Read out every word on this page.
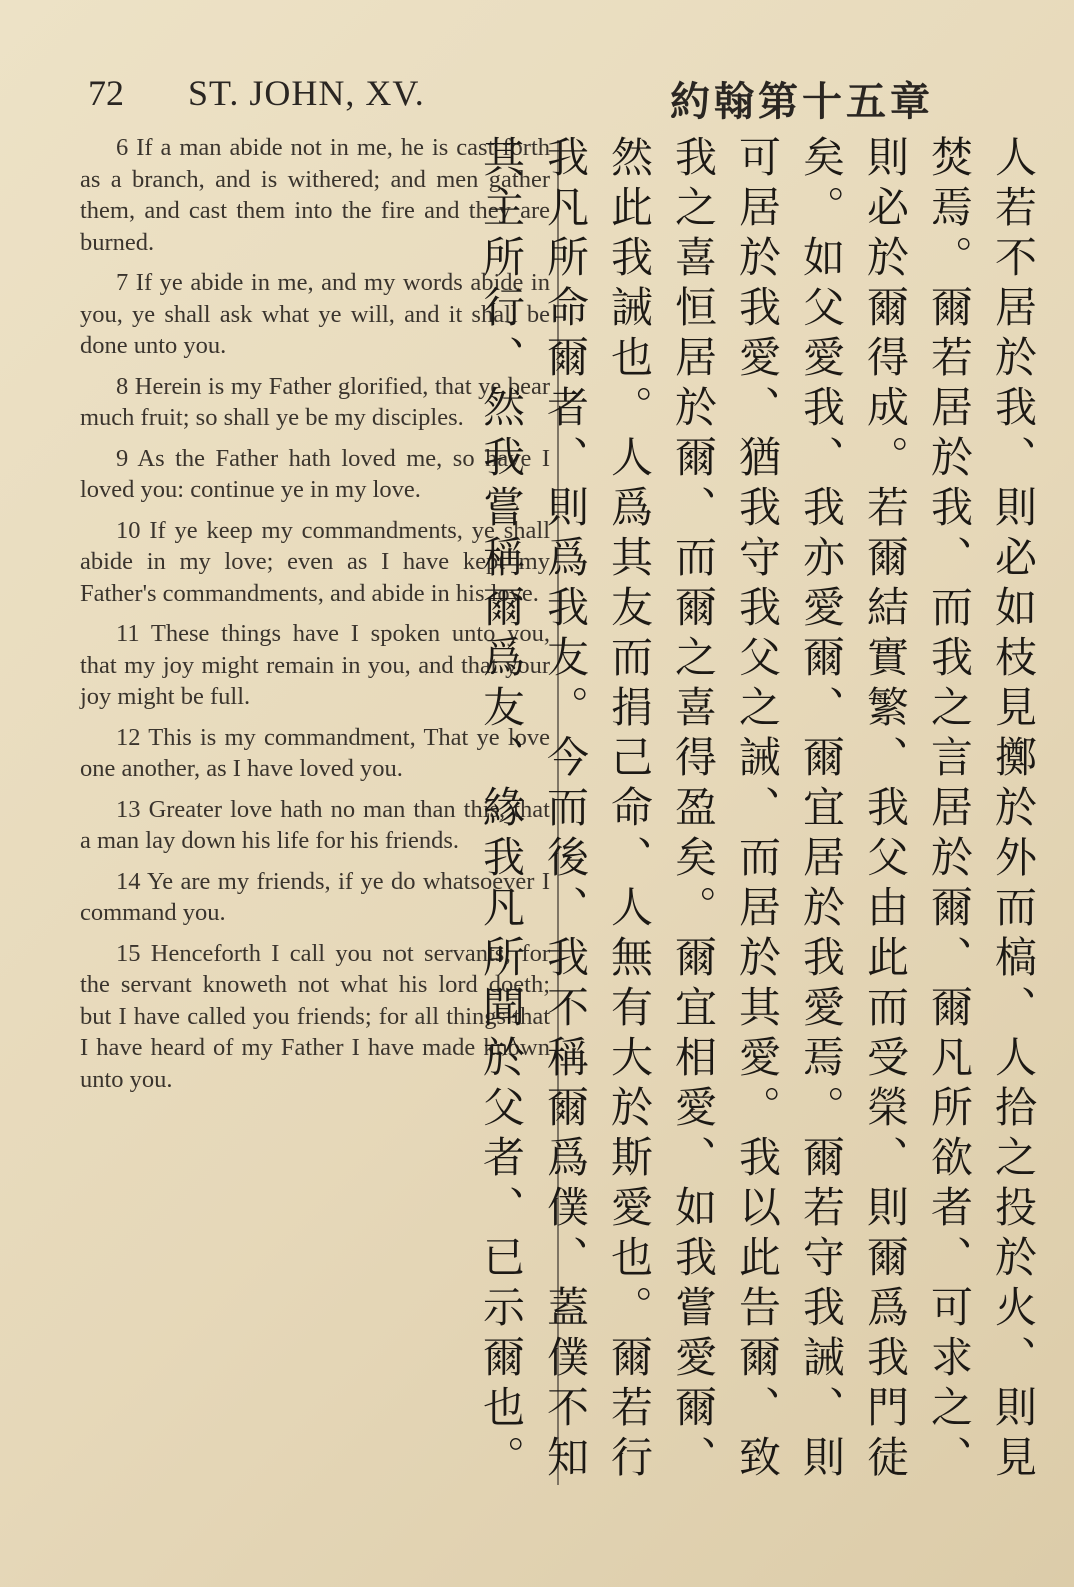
72 ST. JOHN, XV.	約翰第十五章

6 If a man abide not in me, he is cast forth as a branch, and is withered; and men gather them, and cast them into the fire and they are burned.

7 If ye abide in me, and my words abide in you, ye shall ask what ye will, and it shall be done unto you.

8 Herein is my Father glorified, that ye bear much fruit; so shall ye be my disciples.

9 As the Father hath loved me, so have I loved you: continue ye in my love.

10 If ye keep my commandments, ye shall abide in my love; even as I have kept my Father's commandments, and abide in his love.

11 These things have I spoken unto you, that my joy might remain in you, and that your joy might be full.

12 This is my commandment, That ye love one another, as I have loved you.

13 Greater love hath no man than this, that a man lay down his life for his friends.

14 Ye are my friends, if ye do whatsoever I command you.

15 Henceforth I call you not servants; for the servant knoweth not what his lord doeth; but I have called you friends; for all things that I have heard of my Father I have made known unto you.	人若不居於我、則必如枝見擲於外而槁、人拾之投於火、則見焚焉。爾若居於我、而我之言居於爾、爾凡所欲者、可求之、則必於爾得成。若爾結實繁、我父由此而受榮、則爾爲我門徒矣。如父愛我、我亦愛爾、爾宜居於我愛焉。爾若守我誡、則可居於我愛、猶我守我父之誡、而居於其愛。我以此告爾、致我之喜恒居於爾、而爾之喜得盈矣。爾宜相愛、如我嘗愛爾、然此我誡也。人爲其友而捐己命、人無有大於斯愛也。爾若行我凡所命爾者、則爲我友。今而後、我不稱爾爲僕、蓋僕不知其主所行、然我嘗稱爾爲友、緣我凡所聞於父者、已示爾也。
